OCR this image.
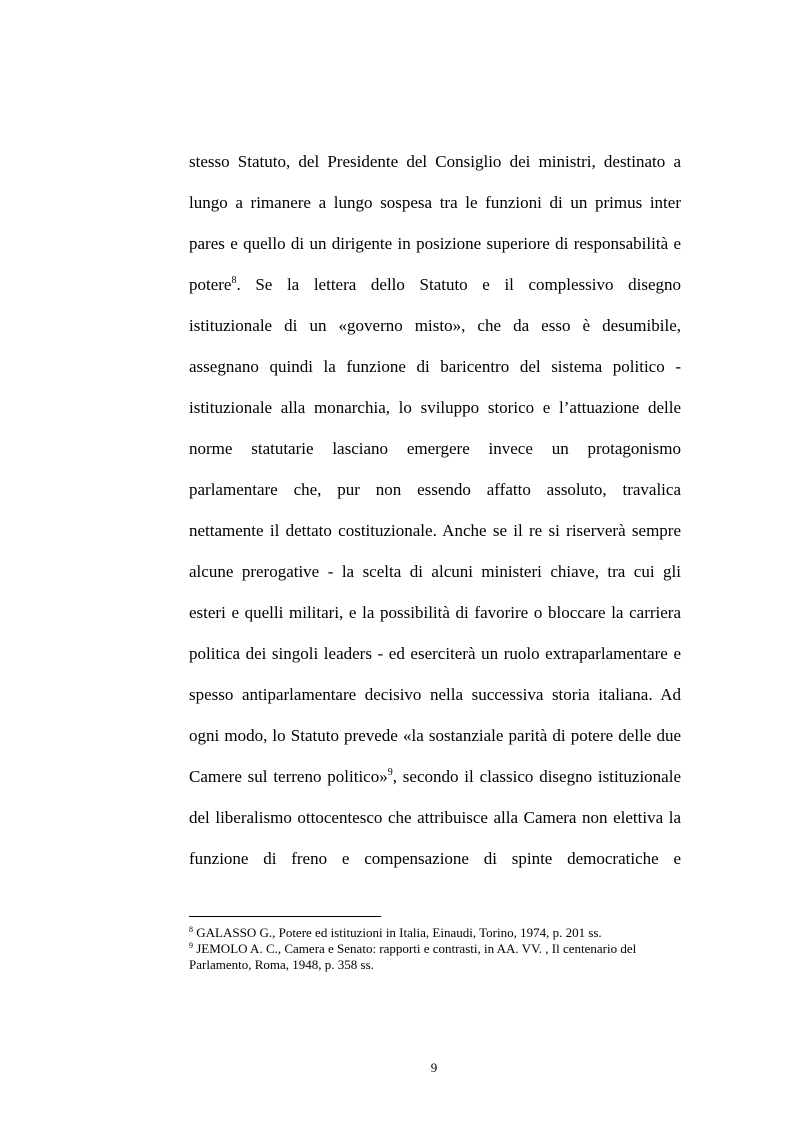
stesso Statuto, del Presidente del Consiglio dei ministri, destinato a
lungo a rimanere a lungo sospesa tra le funzioni di un primus inter
pares e quello di un dirigente in posizione superiore di responsabilità e
potere$^8$. Se la lettera dello Statuto e il complessivo disegno
istituzionale di un «governo misto», che da esso è desumibile,
assegnano quindi la funzione di baricentro del sistema politico -
istituzionale alla monarchia, lo sviluppo storico e l’attuazione delle
norme statutarie lasciano emergere invece un protagonismo
parlamentare che, pur non essendo affatto assoluto, travalica
nettamente il dettato costituzionale. Anche se il re si riserverà sempre
alcune prerogative - la scelta di alcuni ministeri chiave, tra cui gli
esteri e quelli militari, e la possibilità di favorire o bloccare la carriera
politica dei singoli leaders - ed eserciterà un ruolo extraparlamentare e
spesso antiparlamentare decisivo nella successiva storia italiana. Ad
ogni modo, lo Statuto prevede «la sostanziale parità di potere delle due
Camere sul terreno politico»$^9$, secondo il classico disegno istituzionale
del liberalismo ottocentesco che attribuisce alla Camera non elettiva la
funzione di freno e compensazione di spinte democratiche e
$^8$ GALASSO G., Potere ed istituzioni in Italia, Einaudi, Torino, 1974, p. 201 ss.
$^9$ JEMOLO A. C., Camera e Senato: rapporti e contrasti, in AA. VV. , Il centenario del Parlamento, Roma, 1948, p. 358 ss.
9
